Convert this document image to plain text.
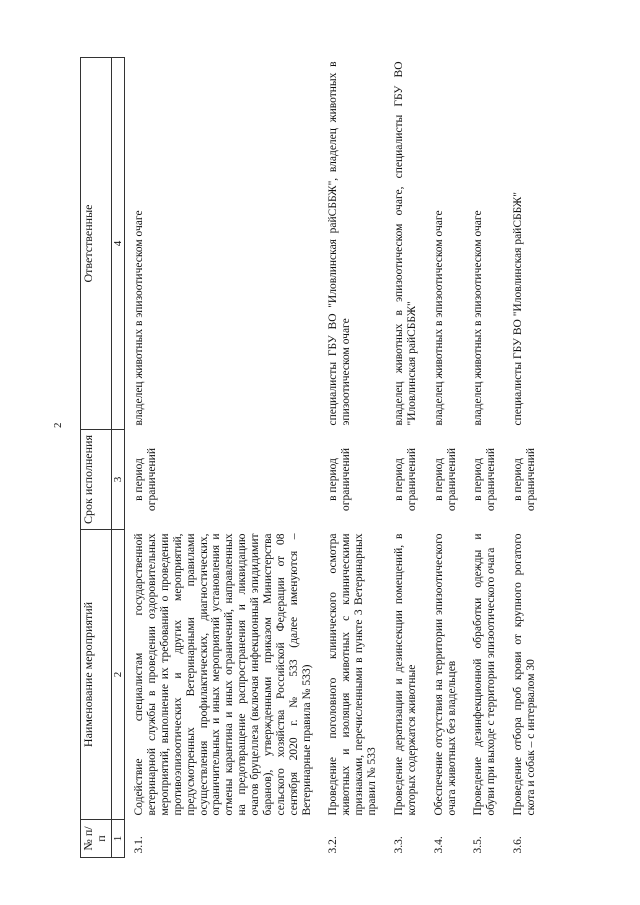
2
№ п/п	Наименование мероприятий	Срок исполнения	Ответственные
1	2	3	4
3.1.	Содействие специалистам государственной ветеринарной службы в проведении оздоровительных мероприятий, выполнение их требований о проведении противоэпизоотических и других мероприятий, предусмотренных Ветеринарными правилами осуществления профилактических, диагностических, ограничительных и иных мероприятий установления и отмены карантина и иных ограничений, направленных на предотвращение распространения и ликвидацию очагов бруцеллеза (включая инфекционный эпидидимит баранов), утвержденными приказом Министерства сельского хозяйства Российской Федерации от 08 сентября 2020 г. № 533 (далее именуются – Ветеринарные правила № 533)	в период ограничений	владелец животных в эпизоотическом очаге
3.2.	Проведение поголовного клинического осмотра животных и изоляция животных с клиническими признаками, перечисленными в пункте 3 Ветеринарных правил № 533	в период ограничений	специалисты ГБУ ВО "Иловлинская райСББЖ", владелец животных в эпизоотическом очаге
3.3.	Проведение дератизации и дезинсекции помещений, в которых содержатся животные	в период ограничений	владелец животных в эпизоотическом очаге, специалисты ГБУ ВО "Иловлинская райСББЖ"
3.4.	Обеспечение отсутствия на территории эпизоотического очага животных без владельцев	в период ограничений	владелец животных в эпизоотическом очаге
3.5.	Проведение дезинфекционной обработки одежды и обуви при выходе с территории эпизоотического очага	в период ограничений	владелец животных в эпизоотическом очаге
3.6.	Проведение отбора проб крови от крупного рогатого скота и собак – с интервалом 30	в период ограничений	специалисты ГБУ ВО "Иловлинская райСББЖ"
